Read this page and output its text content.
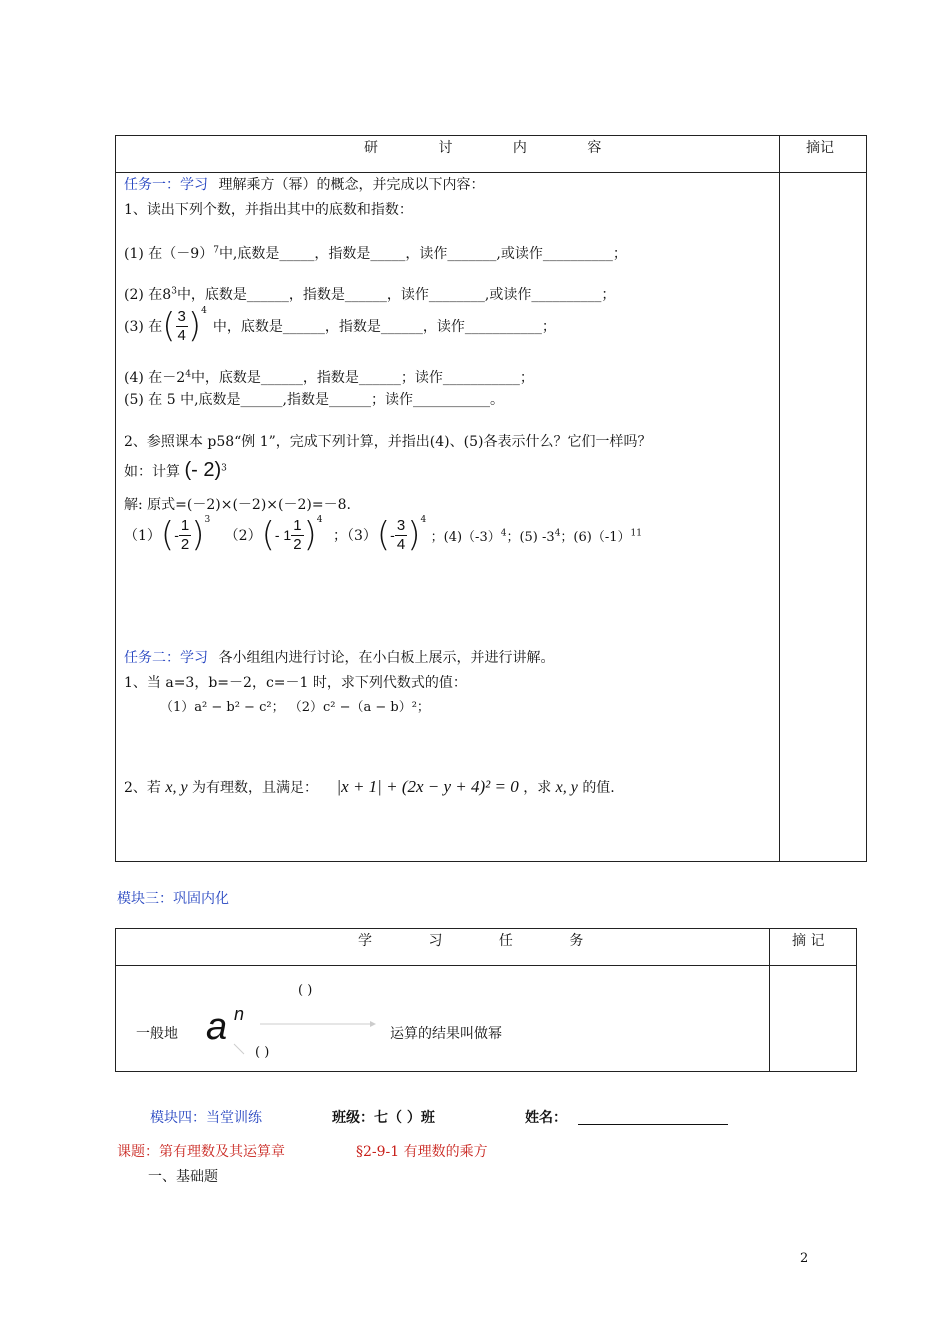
研 讨 内 容	摘记
任务一：学习 理解乘方（幂）的概念，并完成以下内容：
1、读出下列个数，并指出其中的底数和指数：
(1) 在$(-9)^7$中,底数是_____，指数是_____，读作_______,或读作__________；
(2) 在$8^3$中，底数是______，指数是______，读作________,或读作__________；
(3) 在( $\frac{3}{4} )^4$中，底数是______，指数是______，读作___________；
(4) 在$-2^4$中，底数是______，指数是______；读作___________；
(5) 在 5 中,底数是______,指数是______；读作___________。
2、参照课本 p58“例 1”，完成下列计算，并指出(4)、(5)各表示什么？它们一样吗？
如：计算 (- 2)$^3$
解: 原式=(－2)×(－2)×(－2)=－8.
$(1)(- \frac{1}{2} )^3$ （2）(- $1 \frac{1}{2} )^4$ ；$(3)(- \frac{3}{4} )^4$ ；$(4)(-3)^4$；(5) $-3^4$；$(6)(-1)^{11}$
任务二：学习 各小组组内进行讨论，在小白板上展示，并进行讲解。
1、当 a=3，b=－2，c=－1 时，求下列代数式的值：
（1）a² − b² − c²； （2）c² −（a − b）²；
2、若 x, y 为有理数，且满足： |x + 1| + (2x − y + 4)² = 0 ，求 x, y 的值.
模块三：巩固内化
学 习 任 务	摘 记
一般地 a n
( )
( )
运算的结果叫做幂
模块四：当堂训练	班级：七（ ）班	姓名：
课题：第有理数及其运算章	§2-9-1 有理数的乘方
一、基础题
2
